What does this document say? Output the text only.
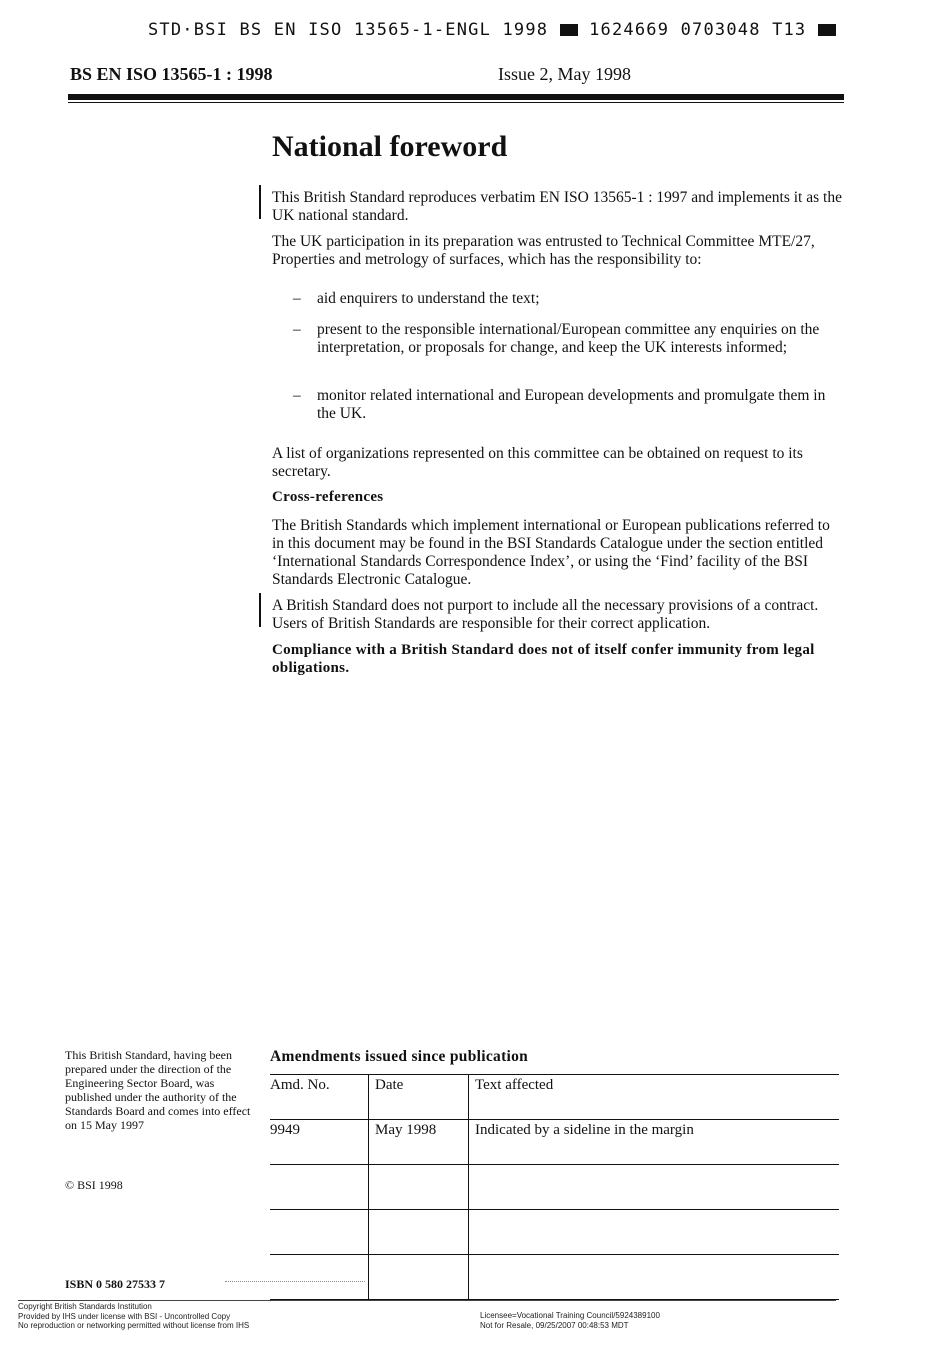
STD·BSI BS EN ISO 13565-1-ENGL 1998 1624669 0703048 T13
BS EN ISO 13565-1 : 1998	Issue 2, May 1998
National foreword

This British Standard reproduces verbatim EN ISO 13565-1 : 1997 and implements it as the UK national standard.

The UK participation in its preparation was entrusted to Technical Committee MTE/27, Properties and metrology of surfaces, which has the responsibility to:

– aid enquirers to understand the text;
– present to the responsible international/European committee any enquiries on the interpretation, or proposals for change, and keep the UK interests informed;
– monitor related international and European developments and promulgate them in the UK.

A list of organizations represented on this committee can be obtained on request to its secretary.

Cross-references

The British Standards which implement international or European publications referred to in this document may be found in the BSI Standards Catalogue under the section entitled ‘International Standards Correspondence Index’, or using the ‘Find’ facility of the BSI Standards Electronic Catalogue.

A British Standard does not purport to include all the necessary provisions of a contract. Users of British Standards are responsible for their correct application.

Compliance with a British Standard does not of itself confer immunity from legal obligations.
This British Standard, having been prepared under the direction of the Engineering Sector Board, was published under the authority of the Standards Board and comes into effect on 15 May 1997
© BSI 1998
ISBN 0 580 27533 7
Amendments issued since publication
Amd. No.	Date	Text affected
9949	May 1998	Indicated by a sideline in the margin

Copyright British Standards Institution
Provided by IHS under license with BSI - Uncontrolled Copy
No reproduction or networking permitted without license from IHS
Licensee=Vocational Training Council/5924389100
Not for Resale, 09/25/2007 00:48:53 MDT
